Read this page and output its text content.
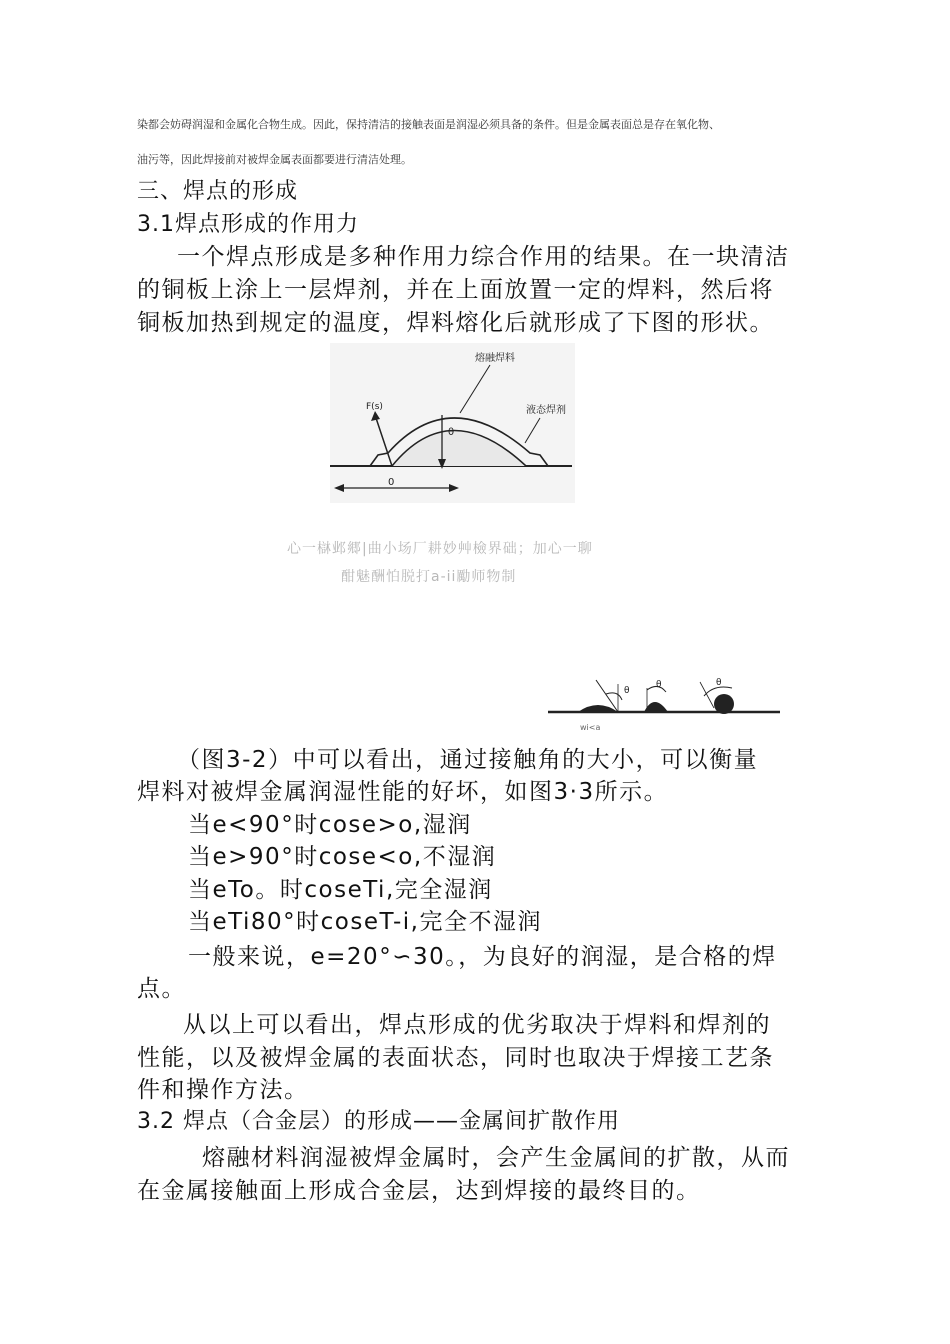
染都会妨碍润湿和金属化合物生成。因此，保持清洁的接触表面是润湿必须具备的条件。但是金属表面总是存在氧化物、
油污等，因此焊接前对被焊金属表面都要进行清洁处理。
三、焊点的形成
3.1焊点形成的作用力
一个焊点形成是多种作用力综合作用的结果。在一块清洁
的铜板上涂上一层焊剂，并在上面放置一定的焊料，然后将
铜板加热到规定的温度，焊料熔化后就形成了下图的形状。
熔融焊料
液态焊剂
F(s)
θ
0
心一㯎邺郷|曲小场厂耕妙艸檢界础；加心一聊
酣魅酬怕脱打a-ii勵师物制
θ
θ	θ
wi<a
（图3-2）中可以看出，通过接触角的大小，可以衡量
焊料对被焊金属润湿性能的好坏，如图3·3所示。
当e<90°时cose>o,湿润
当e>90°时cose<o,不湿润
当eTo。时coseTi,完全湿润
当eTi80°时coseT-i,完全不湿润
一般来说，e=20°∽30。，为良好的润湿，是合格的焊
点。
从以上可以看出，焊点形成的优劣取决于焊料和焊剂的
性能，以及被焊金属的表面状态，同时也取决于焊接工艺条
件和操作方法。
3.2 焊点（合金层）的形成——金属间扩散作用
熔融材料润湿被焊金属时，会产生金属间的扩散，从而
在金属接触面上形成合金层，达到焊接的最终目的。
